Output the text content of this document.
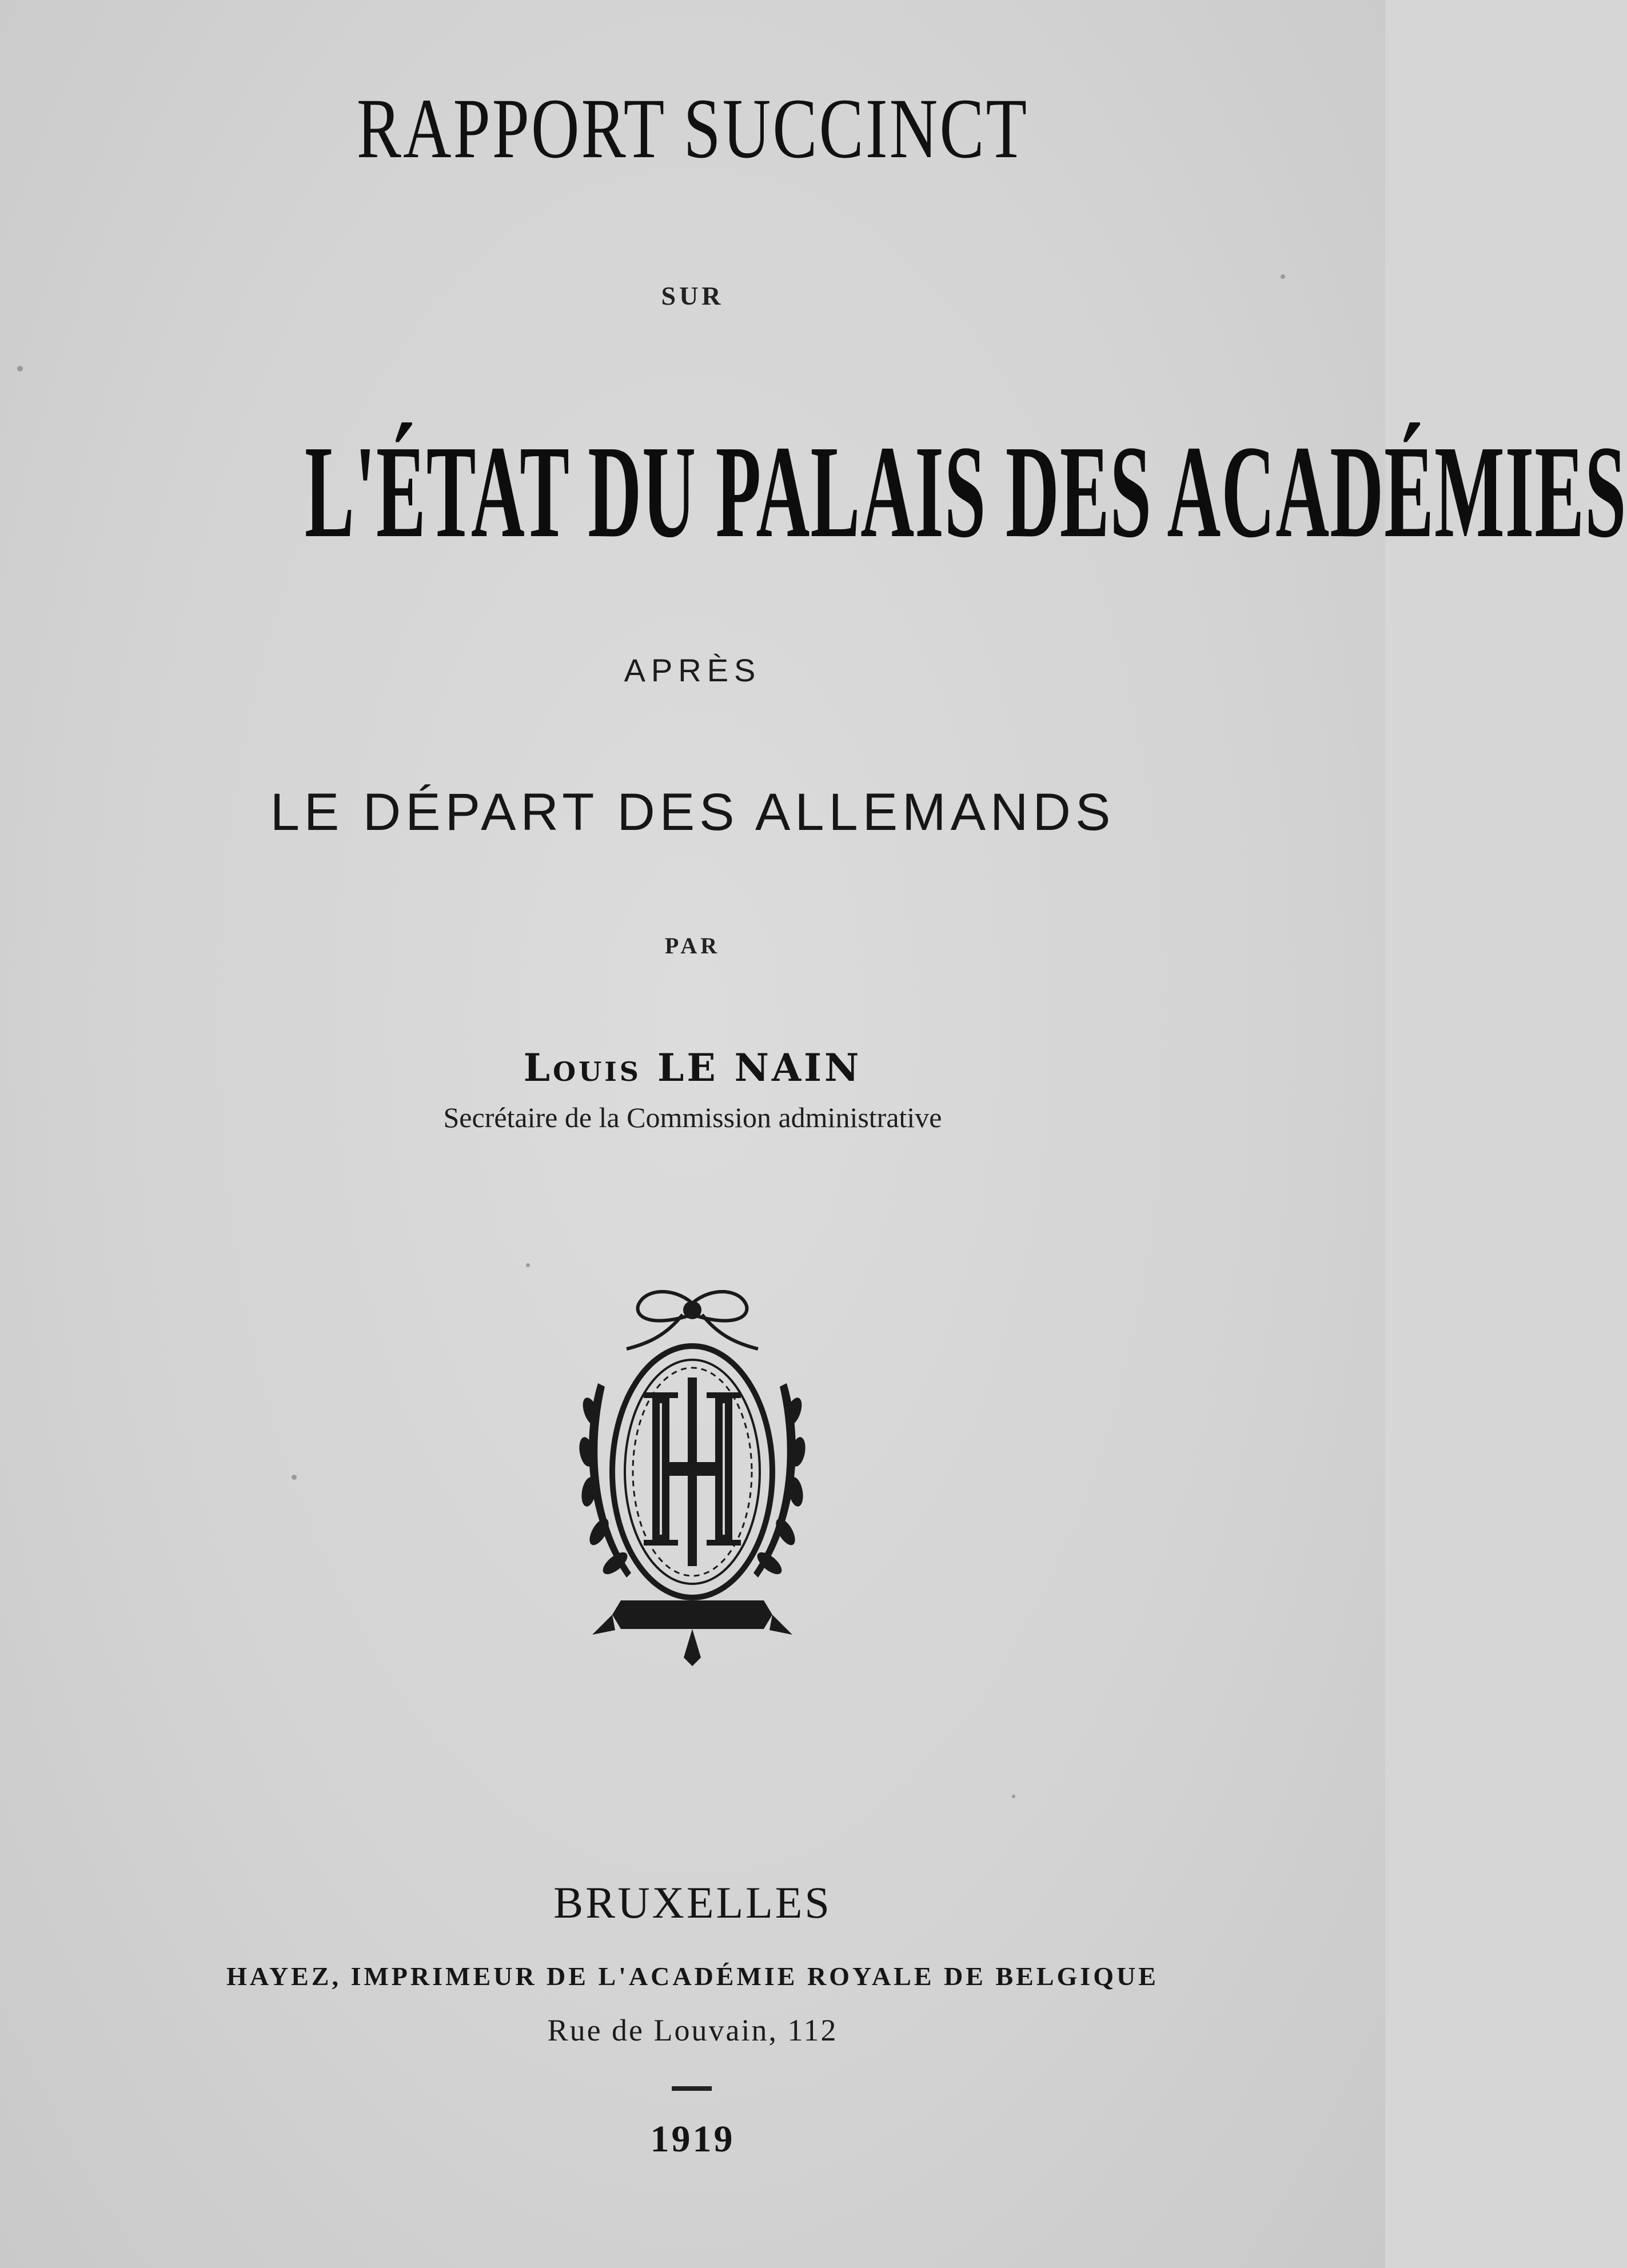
RAPPORT SUCCINCT
SUR
L'ÉTAT DU PALAIS DES ACADÉMIES
APRÈS
LE DÉPART DES ALLEMANDS
PAR
Louis LE NAIN
Secrétaire de la Commission administrative
BRUXELLES
HAYEZ, IMPRIMEUR DE L'ACADÉMIE ROYALE DE BELGIQUE
Rue de Louvain, 112
1919
